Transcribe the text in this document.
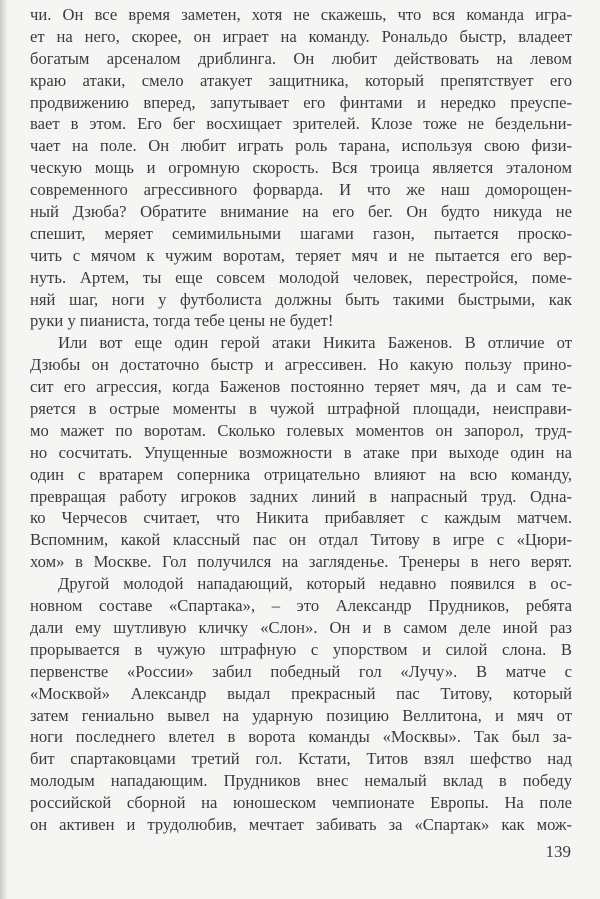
чи. Он все время заметен, хотя не скажешь, что вся команда игра-
ет на него, скорее, он играет на команду. Рональдо быстр, владеет
богатым арсеналом дриблинга. Он любит действовать на левом
краю атаки, смело атакует защитника, который препятствует его
продвижению вперед, запутывает его финтами и нередко преуспе-
вает в этом. Его бег восхищает зрителей. Клозе тоже не бездельни-
чает на поле. Он любит играть роль тарана, используя свою физи-
ческую мощь и огромную скорость. Вся троица является эталоном
современного агрессивного форварда. И что же наш доморощен-
ный Дзюба? Обратите внимание на его бег. Он будто никуда не
спешит, меряет семимильными шагами газон, пытается проско-
чить с мячом к чужим воротам, теряет мяч и не пытается его вер-
нуть. Артем, ты еще совсем молодой человек, перестройся, поме-
няй шаг, ноги у футболиста должны быть такими быстрыми, как
руки у пианиста, тогда тебе цены не будет!
Или вот еще один герой атаки Никита Баженов. В отличие от
Дзюбы он достаточно быстр и агрессивен. Но какую пользу прино-
сит его агрессия, когда Баженов постоянно теряет мяч, да и сам те-
ряется в острые моменты в чужой штрафной площади, неисправи-
мо мажет по воротам. Сколько голевых моментов он запорол, труд-
но сосчитать. Упущенные возможности в атаке при выходе один на
один с вратарем соперника отрицательно влияют на всю команду,
превращая работу игроков задних линий в напрасный труд. Одна-
ко Черчесов считает, что Никита прибавляет с каждым матчем.
Вспомним, какой классный пас он отдал Титову в игре с «Цюри-
хом» в Москве. Гол получился на загляденье. Тренеры в него верят.
Другой молодой нападающий, который недавно появился в ос-
новном составе «Спартака», – это Александр Прудников, ребята
дали ему шутливую кличку «Слон». Он и в самом деле иной раз
прорывается в чужую штрафную с упорством и силой слона. В
первенстве «России» забил победный гол «Лучу». В матче с
«Москвой» Александр выдал прекрасный пас Титову, который
затем гениально вывел на ударную позицию Веллитона, и мяч от
ноги последнего влетел в ворота команды «Москвы». Так был за-
бит спартаковцами третий гол. Кстати, Титов взял шефство над
молодым нападающим. Прудников внес немалый вклад в победу
российской сборной на юношеском чемпионате Европы. На поле
он активен и трудолюбив, мечтает забивать за «Спартак» как мож-
139
